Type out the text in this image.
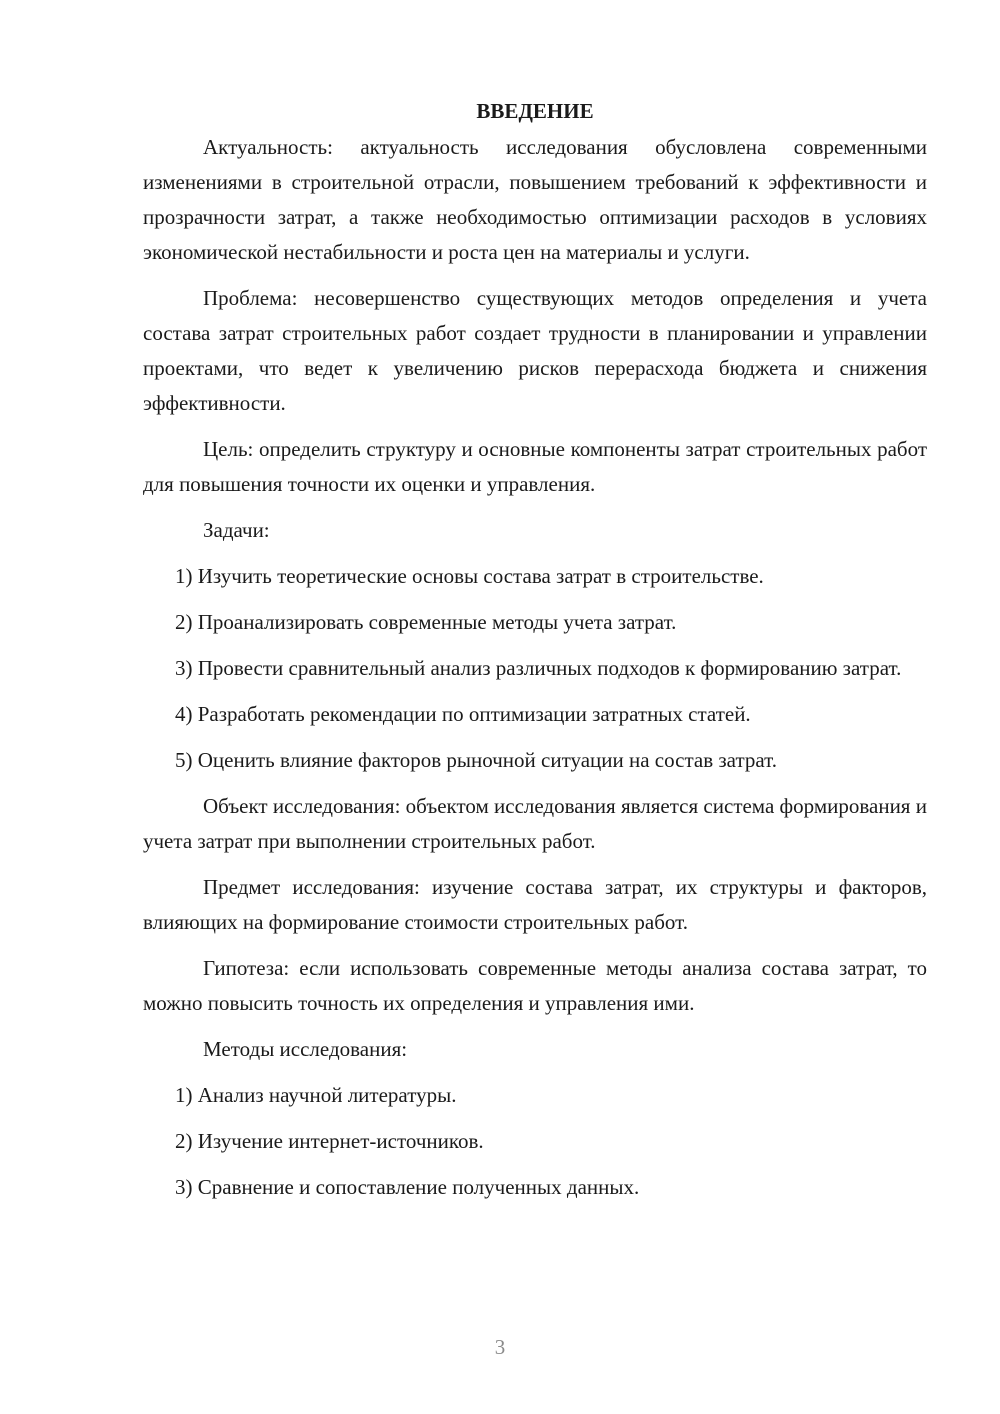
ВВЕДЕНИЕ

Актуальность: актуальность исследования обусловлена современными изменениями в строительной отрасли, повышением требований к эффективности и прозрачности затрат, а также необходимостью оптимизации расходов в условиях экономической нестабильности и роста цен на материалы и услуги.

Проблема: несовершенство существующих методов определения и учета состава затрат строительных работ создает трудности в планировании и управлении проектами, что ведет к увеличению рисков перерасхода бюджета и снижения эффективности.

Цель: определить структуру и основные компоненты затрат строительных работ для повышения точности их оценки и управления.

Задачи:

1) Изучить теоретические основы состава затрат в строительстве.

2) Проанализировать современные методы учета затрат.

3) Провести сравнительный анализ различных подходов к формированию затрат.

4) Разработать рекомендации по оптимизации затратных статей.

5) Оценить влияние факторов рыночной ситуации на состав затрат.

Объект исследования: объектом исследования является система формирования и учета затрат при выполнении строительных работ.

Предмет исследования: изучение состава затрат, их структуры и факторов, влияющих на формирование стоимости строительных работ.

Гипотеза: если использовать современные методы анализа состава затрат, то можно повысить точность их определения и управления ими.

Методы исследования:

1) Анализ научной литературы.

2) Изучение интернет-источников.

3) Сравнение и сопоставление полученных данных.

3
